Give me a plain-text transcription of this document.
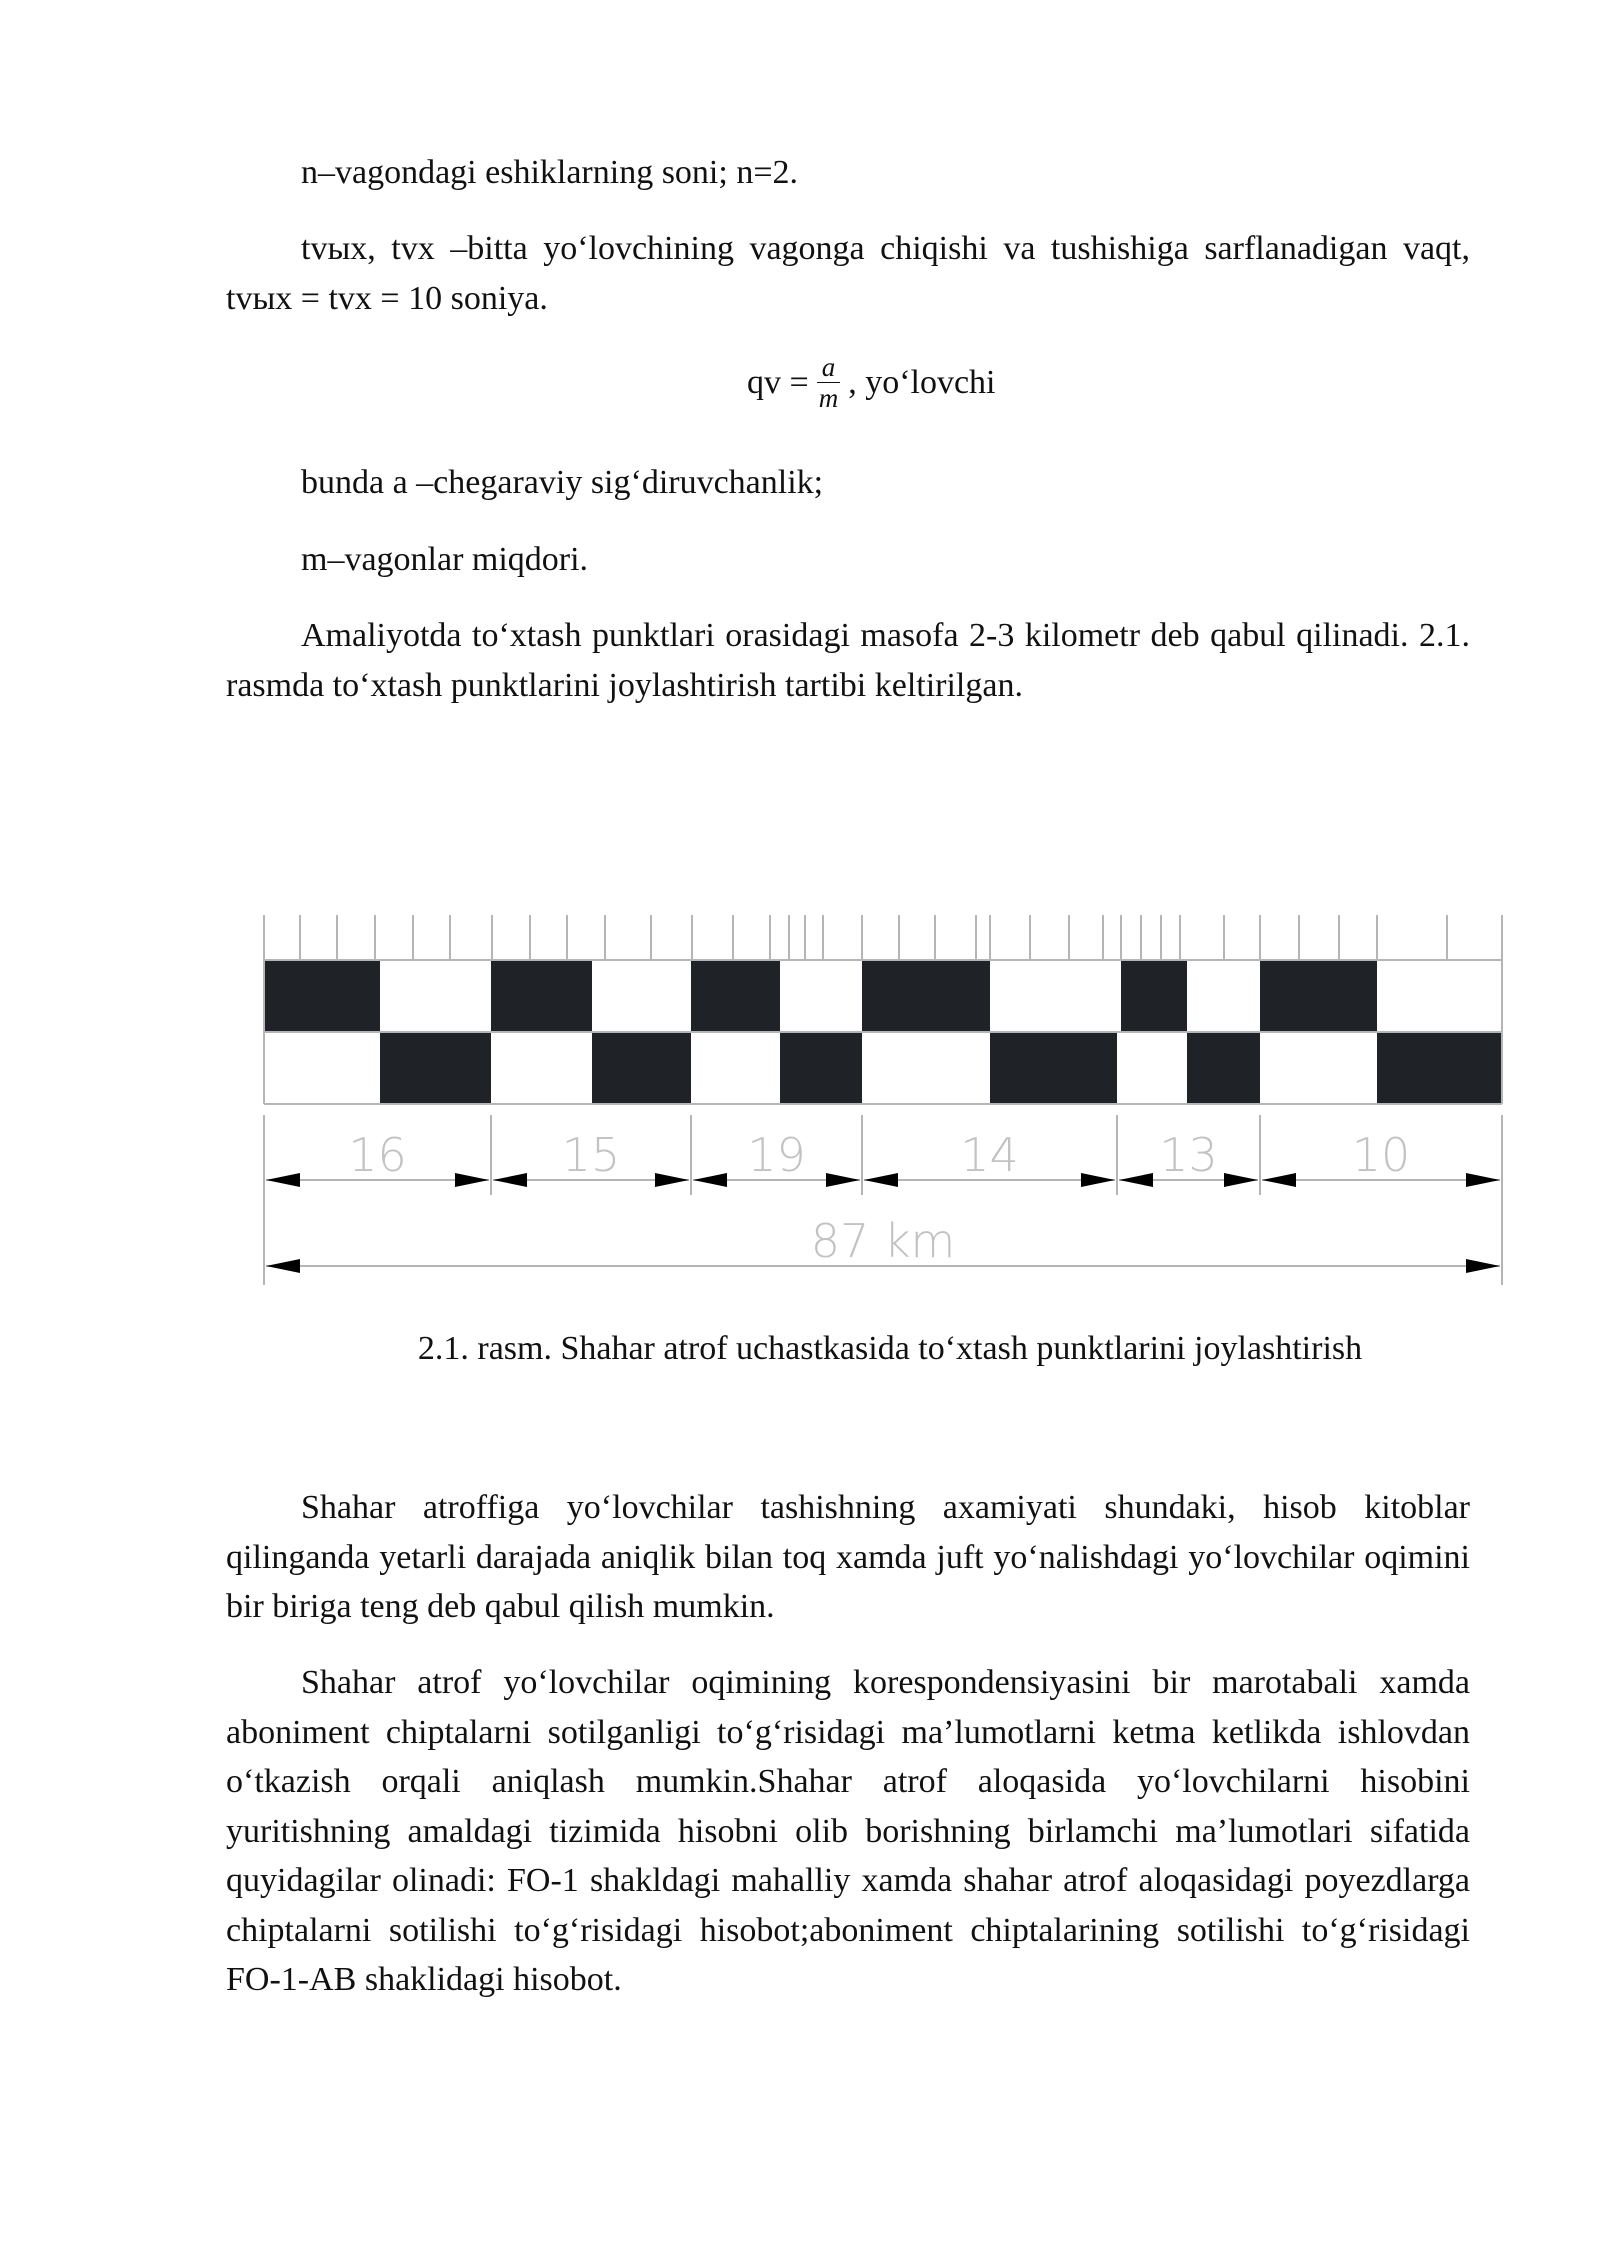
n–vagondagi eshiklarning soni; n=2.

tvыx, tvx –bitta yo‘lovchining vagonga chiqishi va tushishiga sarflanadigan vaqt, tvыx = tvx = 10 soniya.

qv = $\frac{a}{m}$ , yo‘lovchi

bunda a –chegaraviy sig‘diruvchanlik;

m–vagonlar miqdori.

Amaliyotda to‘xtash punktlari orasidagi masofa 2-3 kilometr deb qabul qilinadi. 2.1. rasmda to‘xtash punktlarini joylashtirish tartibi keltirilgan.

16	15	19	14	13	10
87 km
2.1. rasm. Shahar atrof uchastkasida to‘xtash punktlarini joylashtirish

Shahar atroffiga yo‘lovchilar tashishning axamiyati shundaki, hisob kitoblar qilinganda yetarli darajada aniqlik bilan toq xamda juft yo‘nalishdagi yo‘lovchilar oqimini bir biriga teng deb qabul qilish mumkin.

Shahar atrof yo‘lovchilar oqimining korespondensiyasini bir marotabali xamda aboniment chiptalarni sotilganligi to‘g‘risidagi ma’lumotlarni ketma ketlikda ishlovdan o‘tkazish orqali aniqlash mumkin.Shahar atrof aloqasida yo‘lovchilarni hisobini yuritishning amaldagi tizimida hisobni olib borishning birlamchi ma’lumotlari sifatida quyidagilar olinadi: FO-1 shakldagi mahalliy xamda shahar atrof aloqasidagi poyezdlarga chiptalarni sotilishi to‘g‘risidagi hisobot;aboniment chiptalarining sotilishi to‘g‘risidagi FO-1-AB shaklidagi hisobot.
